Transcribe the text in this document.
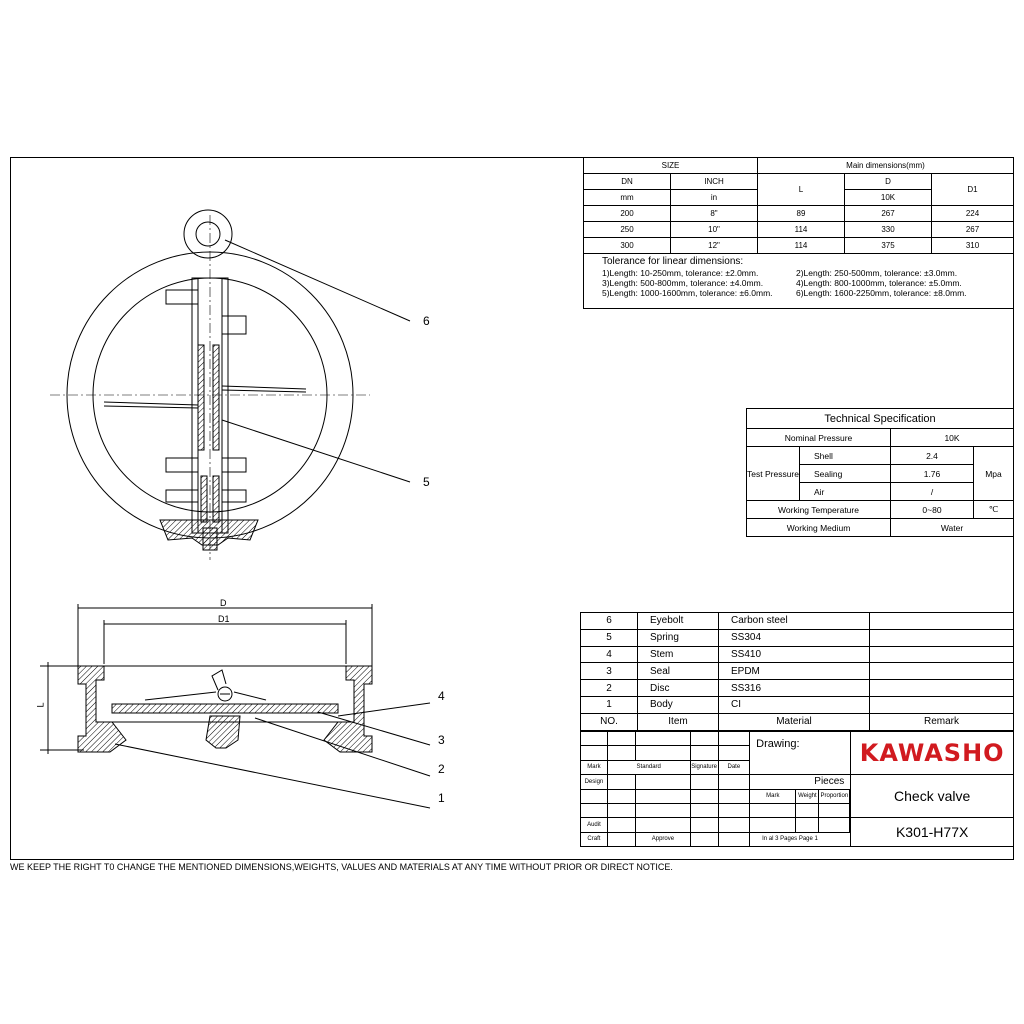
6
5
4
3
2
1
D
D1
L
SIZE		Main dimensions(mm)		
DN	INCH	L	D	D1
mm	in		10K	
200	8"	89	267	224
250	10"	114	330	267
300	12"	114	375	310
Tolerance for linear dimensions:
1)Length: 10-250mm, tolerance: ±2.0mm.	2)Length: 250-500mm, tolerance: ±3.0mm.
3)Length: 500-800mm, tolerance: ±4.0mm.	4)Length: 800-1000mm, tolerance: ±5.0mm.
5)Length: 1000-1600mm, tolerance: ±6.0mm.	6)Length: 1600-2250mm, tolerance: ±8.0mm.
Technical Specification			
Nominal Pressure		10K	
Test Pressure	Shell	2.4	Mpa
	Sealing	1.76	
	Air	/	
Working Temperature		0~80	℃
Working Medium		Water	
6	Eyebolt	Carbon steel	
5	Spring	SS304	
4	Stem	SS410	
3	Seal	EPDM	
2	Disc	SS316	
1	Body	CI	
NO.	Item	Material	Remark
					Drawing:			KAWASHO

Mark	Standard		Signature	Date				
Design					Pieces			Check valve
					Mark	Weight	Proportion	

Audit									K301-H77X
Craft		Approve			In al 3 Pages Page 1			
WE KEEP THE RIGHT T0 CHANGE THE MENTIONED DIMENSIONS,WEIGHTS, VALUES AND MATERIALS AT ANY TIME WITHOUT PRIOR OR DIRECT NOTICE.
